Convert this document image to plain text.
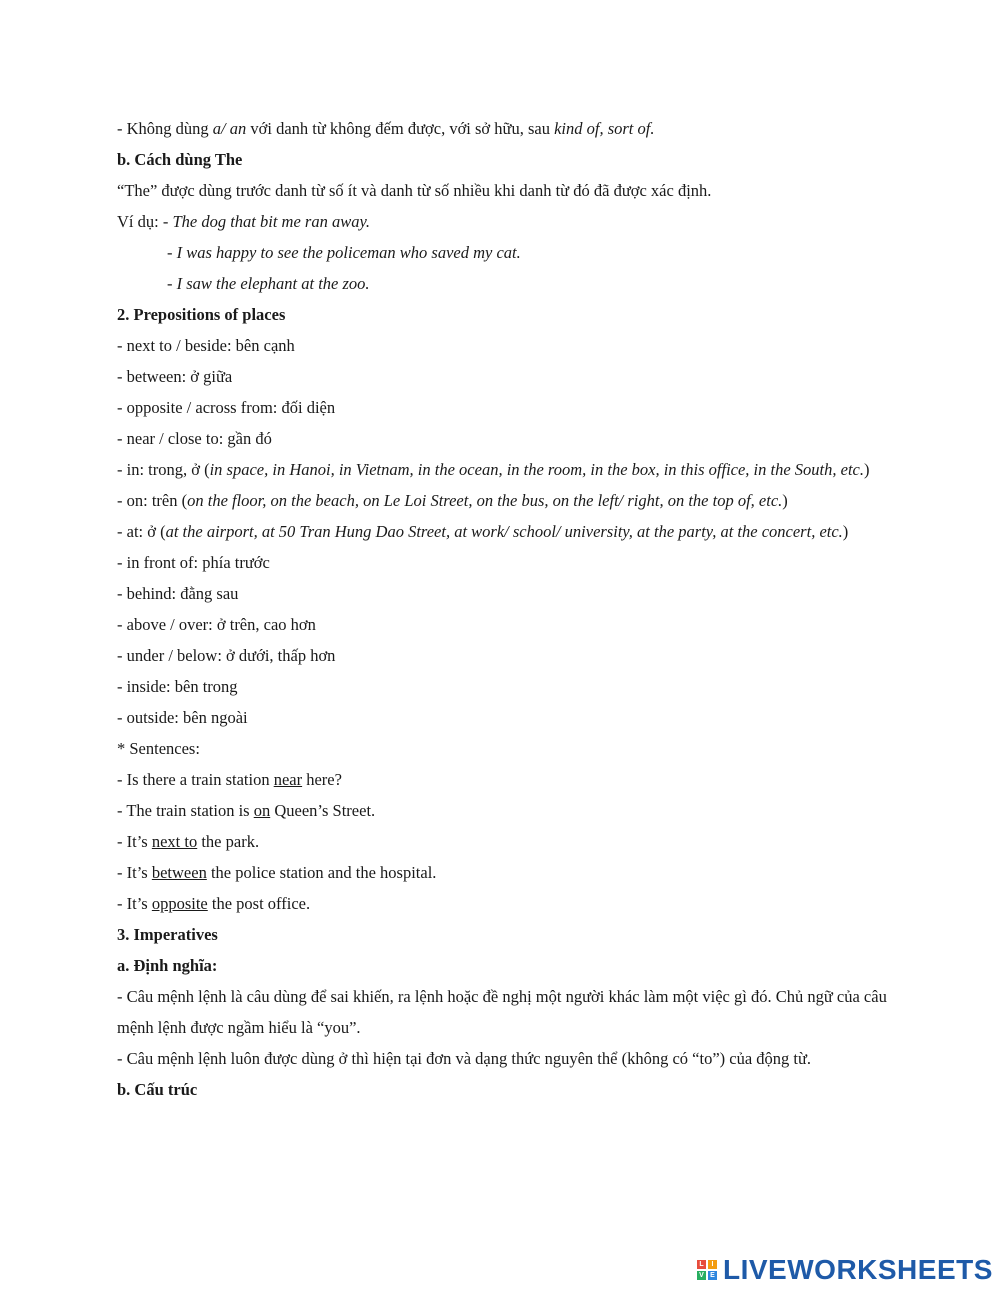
- Không dùng a/ an với danh từ không đếm được, với sở hữu, sau kind of, sort of.
b. Cách dùng The
“The” được dùng trước danh từ số ít và danh từ số nhiều khi danh từ đó đã được xác định.
Ví dụ: - The dog that bit me ran away.
- I was happy to see the policeman who saved my cat.
- I saw the elephant at the zoo.
2. Prepositions of places
- next to / beside: bên cạnh
- between: ở giữa
- opposite / across from: đối diện
- near / close to: gần đó
- in: trong, ở (in space, in Hanoi, in Vietnam, in the ocean, in the room, in the box, in this office, in the South, etc.)
- on: trên (on the floor, on the beach, on Le Loi Street, on the bus, on the left/ right, on the top of, etc.)
- at: ở (at the airport, at 50 Tran Hung Dao Street, at work/ school/ university, at the party, at the concert, etc.)
- in front of: phía trước
- behind: đằng sau
- above / over: ở trên, cao hơn
- under / below: ở dưới, thấp hơn
- inside: bên trong
- outside: bên ngoài
* Sentences:
- Is there a train station near here?
- The train station is on Queen’s Street.
- It’s next to the park.
- It’s between the police station and the hospital.
- It’s opposite the post office.
3. Imperatives
a. Định nghĩa:
- Câu mệnh lệnh là câu dùng để sai khiến, ra lệnh hoặc đề nghị một người khác làm một việc gì đó. Chủ ngữ của câu mệnh lệnh được ngầm hiểu là “you”.
- Câu mệnh lệnh luôn được dùng ở thì hiện tại đơn và dạng thức nguyên thể (không có “to”) của động từ.
b. Cấu trúc
L	I
V E LIVEWORKSHEETS
